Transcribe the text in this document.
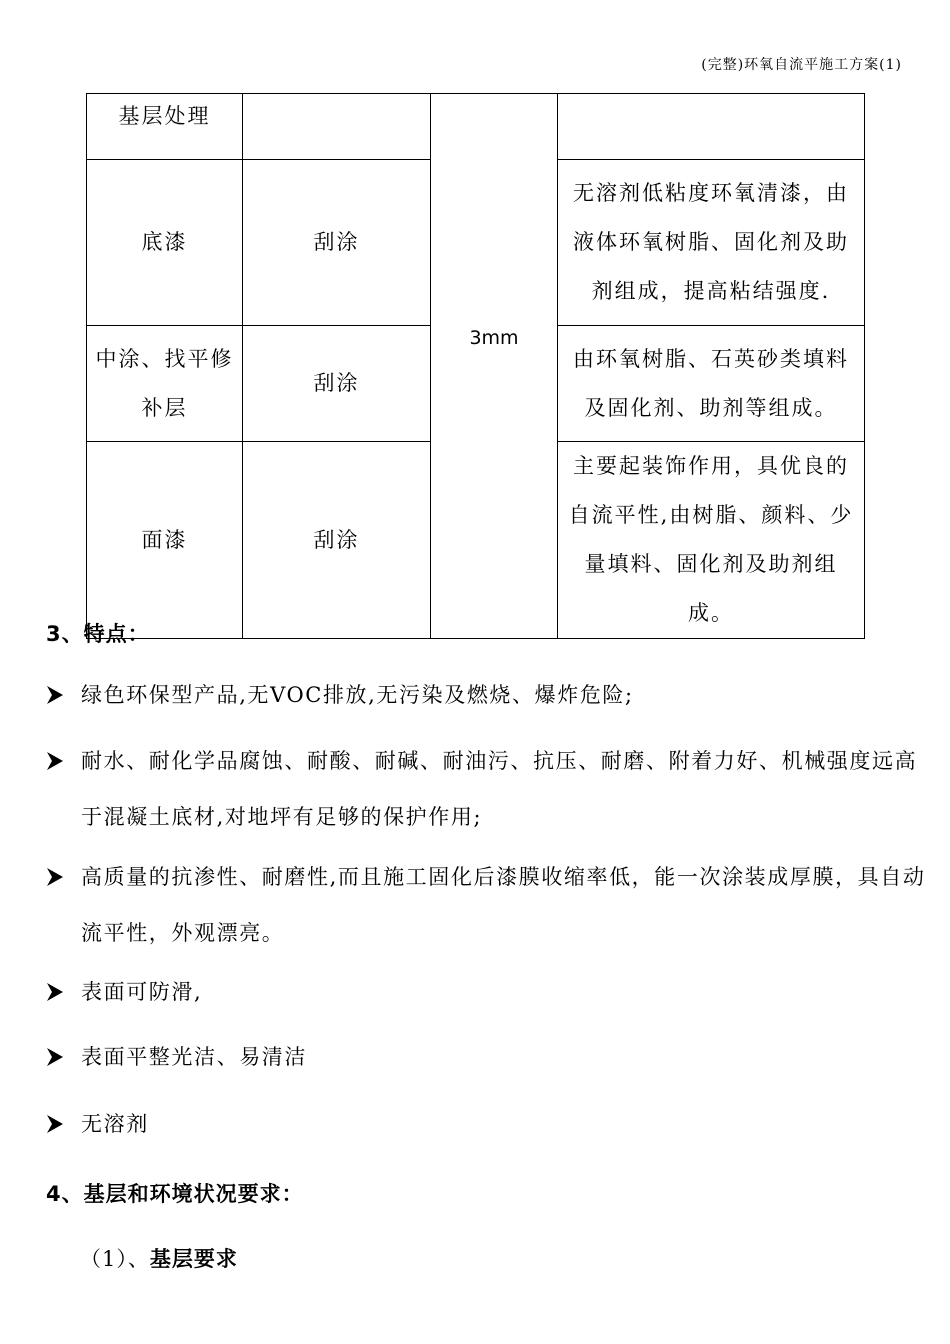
(完整)环氧自流平施工方案(1)
基层处理		3mm	
底漆	刮涂		无溶剂低粘度环氧清漆，由液体环氧树脂、固化剂及助剂组成，提高粘结强度.
中涂、找平修补层	刮涂		由环氧树脂、石英砂类填料及固化剂、助剂等组成。
面漆	刮涂		主要起装饰作用，具优良的自流平性,由树脂、颜料、少量填料、固化剂及助剂组成。
3、特点：
绿色环保型产品,无VOC排放,无污染及燃烧、爆炸危险;
耐水、耐化学品腐蚀、耐酸、耐碱、耐油污、抗压、耐磨、附着力好、机械强度远高于混凝土底材,对地坪有足够的保护作用;
高质量的抗渗性、耐磨性,而且施工固化后漆膜收缩率低，能一次涂装成厚膜，具自动流平性，外观漂亮。
表面可防滑,
表面平整光洁、易清洁
无溶剂
4、基层和环境状况要求：
（1）、基层要求
